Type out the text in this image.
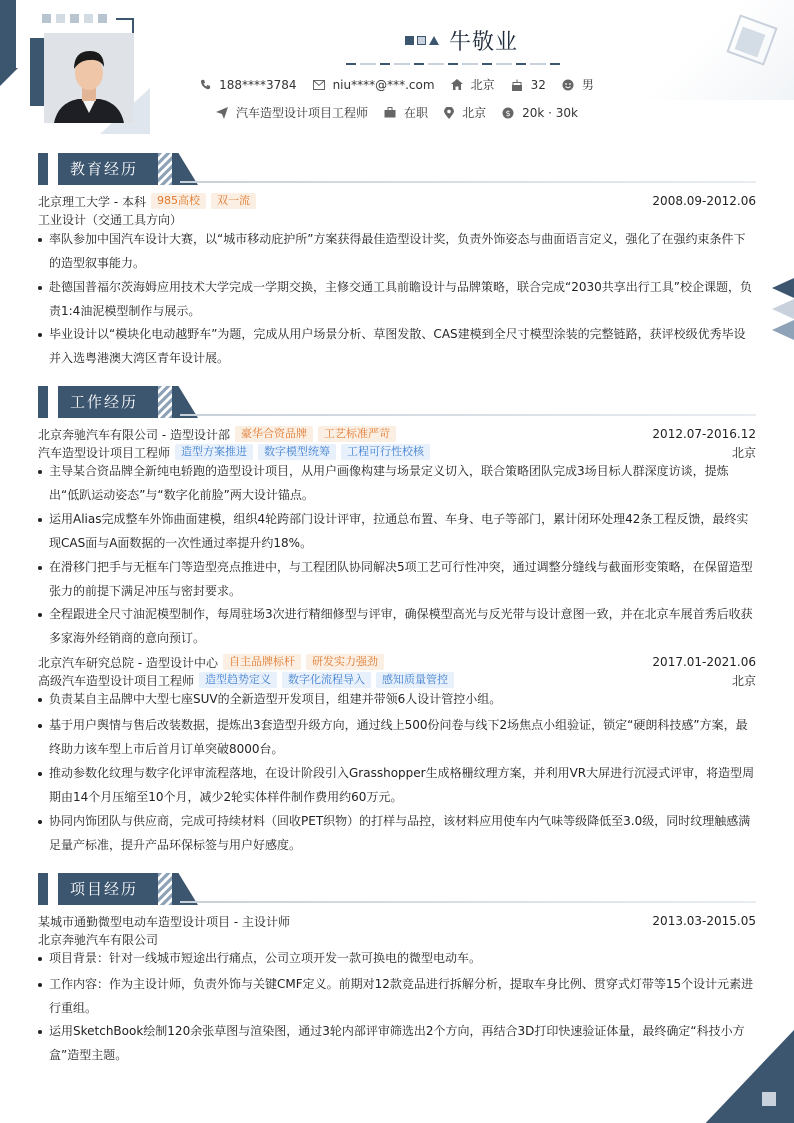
牛敬业
188****3784	niu****@***.com	北京	32	男
汽车造型设计项目工程师	在职	北京 $ 20k · 30k
教育经历
北京理工大学 - 本科	985高校	双一流	2008.09-2012.06
工业设计（交通工具方向）
率队参加中国汽车设计大赛，以“城市移动庇护所”方案获得最佳造型设计奖，负责外饰姿态与曲面语言定义，强化了在强约束条件下的造型叙事能力。
赴德国普福尔茨海姆应用技术大学完成一学期交换，主修交通工具前瞻设计与品牌策略，联合完成“2030共享出行工具”校企课题，负责1:4油泥模型制作与展示。
毕业设计以“模块化电动越野车”为题，完成从用户场景分析、草图发散、CAS建模到全尺寸模型涂装的完整链路，获评校级优秀毕设并入选粤港澳大湾区青年设计展。
工作经历
北京奔驰汽车有限公司 - 造型设计部	豪华合资品牌	工艺标准严苛	2012.07-2016.12
汽车造型设计项目工程师	造型方案推进	数字模型统筹	工程可行性校核	北京
主导某合资品牌全新纯电轿跑的造型设计项目，从用户画像构建与场景定义切入，联合策略团队完成3场目标人群深度访谈，提炼出“低趴运动姿态”与“数字化前脸”两大设计锚点。
运用Alias完成整车外饰曲面建模，组织4轮跨部门设计评审，拉通总布置、车身、电子等部门，累计闭环处理42条工程反馈，最终实现CAS面与A面数据的一次性通过率提升约18%。
在滑移门把手与无框车门等造型亮点推进中，与工程团队协同解决5项工艺可行性冲突，通过调整分缝线与截面形变策略，在保留造型张力的前提下满足冲压与密封要求。
全程跟进全尺寸油泥模型制作，每周驻场3次进行精细修型与评审，确保模型高光与反光带与设计意图一致，并在北京车展首秀后收获多家海外经销商的意向预订。
北京汽车研究总院 - 造型设计中心	自主品牌标杆	研发实力强劲	2017.01-2021.06
高级汽车造型设计项目工程师	造型趋势定义	数字化流程导入	感知质量管控	北京
负责某自主品牌中大型七座SUV的全新造型开发项目，组建并带领6人设计管控小组。
基于用户舆情与售后改装数据，提炼出3套造型升级方向，通过线上500份问卷与线下2场焦点小组验证，锁定“硬朗科技感”方案，最终助力该车型上市后首月订单突破8000台。
推动参数化纹理与数字化评审流程落地，在设计阶段引入Grasshopper生成格栅纹理方案，并利用VR大屏进行沉浸式评审，将造型周期由14个月压缩至10个月，减少2轮实体样件制作费用约60万元。
协同内饰团队与供应商，完成可持续材料（回收PET织物）的打样与品控，该材料应用使车内气味等级降低至3.0级，同时纹理触感满足量产标准，提升产品环保标签与用户好感度。
项目经历
某城市通勤微型电动车造型设计项目 - 主设计师	2013.03-2015.05
北京奔驰汽车有限公司
项目背景：针对一线城市短途出行痛点，公司立项开发一款可换电的微型电动车。
工作内容：作为主设计师，负责外饰与关键CMF定义。前期对12款竞品进行拆解分析，提取车身比例、贯穿式灯带等15个设计元素进行重组。
运用SketchBook绘制120余张草图与渲染图，通过3轮内部评审筛选出2个方向，再结合3D打印快速验证体量，最终确定“科技小方盒”造型主题。
